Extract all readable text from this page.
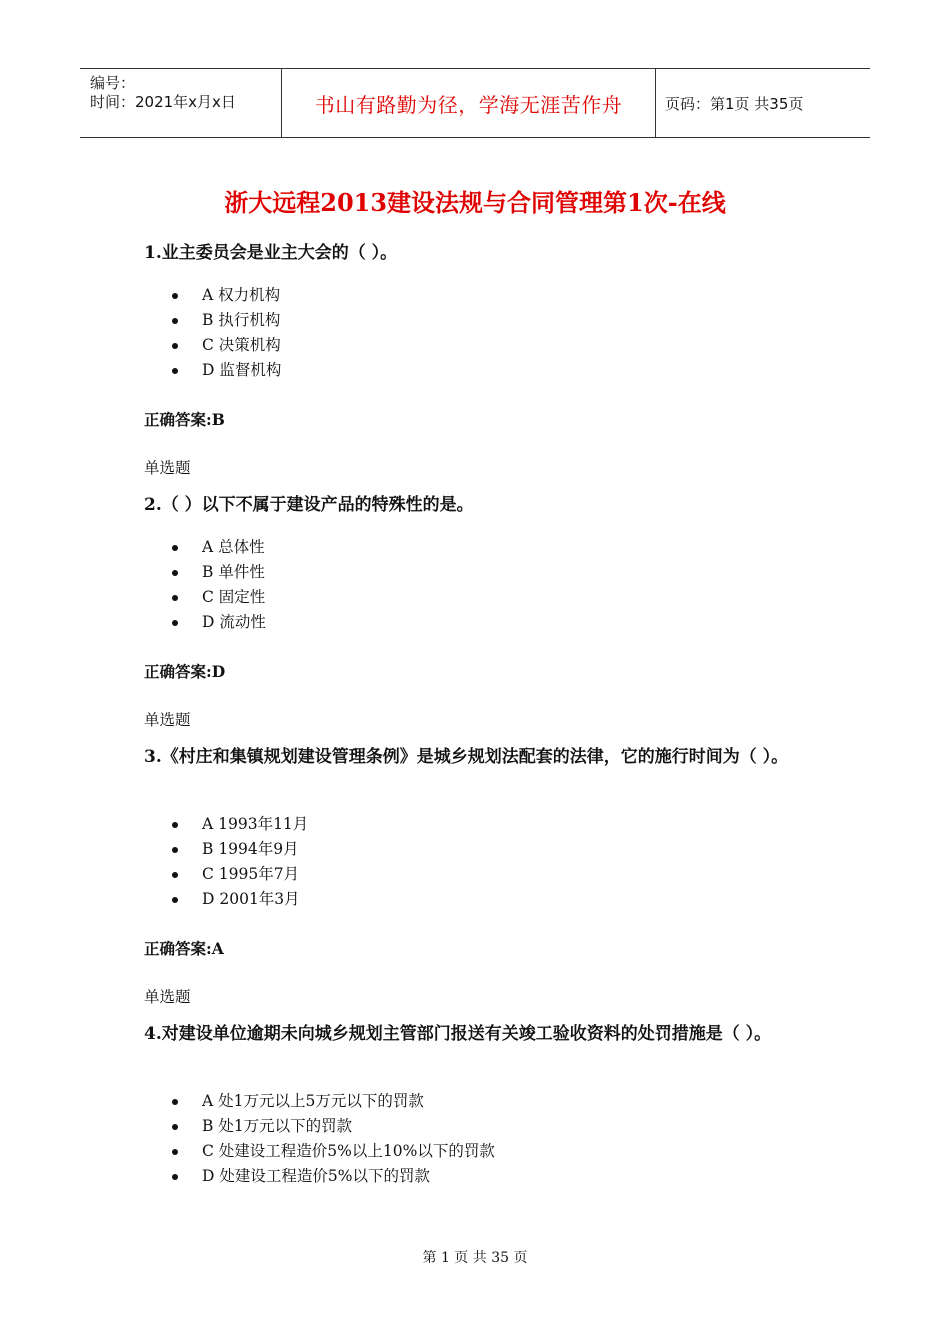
编号：
时间：2021年x月x日	书山有路勤为径，学海无涯苦作舟	页码：第1页 共35页
浙大远程2013建设法规与合同管理第1次-在线

1.业主委员会是业主大会的（ ）。

A 权力机构
B 执行机构
C 决策机构
D 监督机构
正确答案:B
单选题

2.（ ）以下不属于建设产品的特殊性的是。

A 总体性
B 单件性
C 固定性
D 流动性
正确答案:D
单选题

3.《村庄和集镇规划建设管理条例》是城乡规划法配套的法律，它的施行时间为（ ）。

A 1993年11月
B 1994年9月
C 1995年7月
D 2001年3月
正确答案:A
单选题

4.对建设单位逾期未向城乡规划主管部门报送有关竣工验收资料的处罚措施是（ ）。

A 处1万元以上5万元以下的罚款
B 处1万元以下的罚款
C 处建设工程造价5%以上10%以下的罚款
D 处建设工程造价5%以下的罚款
第 1 页 共 35 页
